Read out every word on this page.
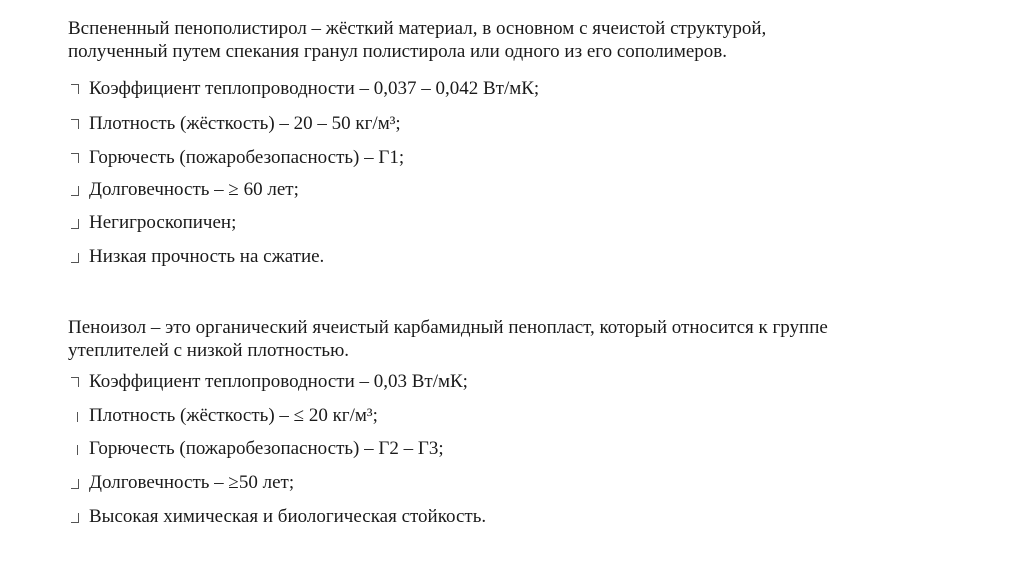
Вспененный пенополистирол – жёсткий материал, в основном с ячеистой структурой,
полученный путем спекания гранул полистирола или одного из его сополимеров.

Коэффициент теплопроводности – 0,037 – 0,042 Вт/мК;
Плотность (жёсткость) – 20 – 50 кг/м³;
Горючесть (пожаробезопасность) – Г1;
Долговечность – ≥ 60 лет;
Негигроскопичен;
Низкая прочность на сжатие.

Пеноизол – это органический ячеистый карбамидный пенопласт, который относится к группе
утеплителей с низкой плотностью.

Коэффициент теплопроводности – 0,03 Вт/мК;
Плотность (жёсткость) – ≤ 20 кг/м³;
Горючесть (пожаробезопасность) – Г2 – Г3;
Долговечность – ≥50 лет;
Высокая химическая и биологическая стойкость.
